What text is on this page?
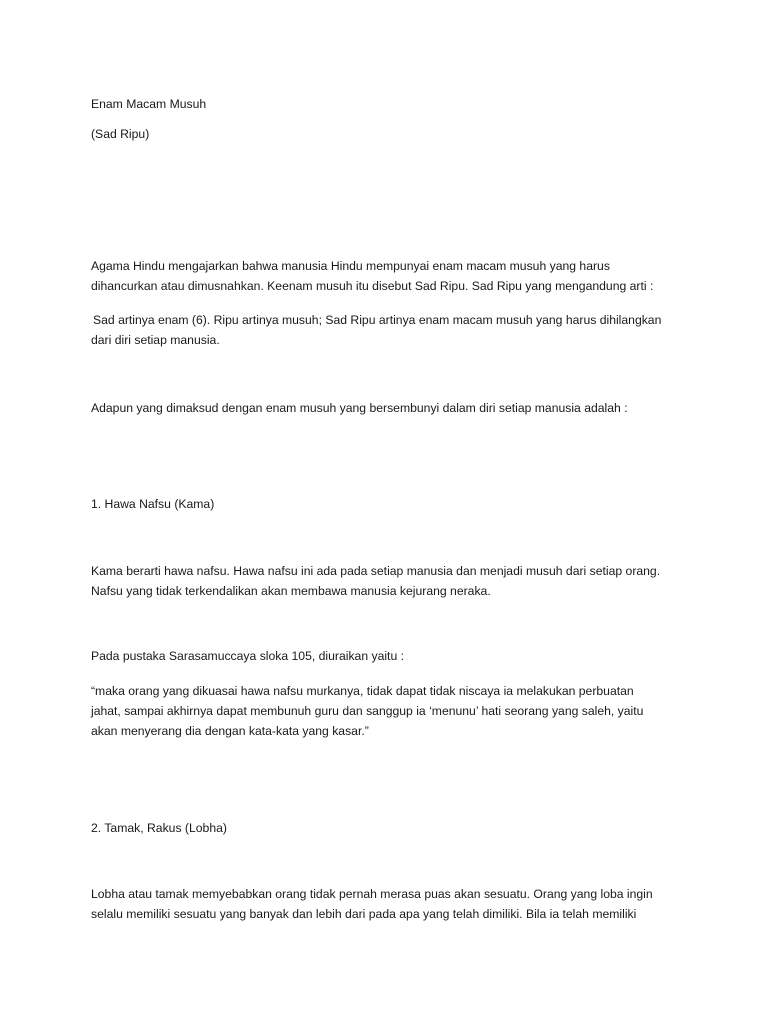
Enam Macam Musuh
(Sad Ripu)
Agama Hindu mengajarkan bahwa manusia Hindu mempunyai enam macam musuh yang harus
dihancurkan atau dimusnahkan. Keenam musuh itu disebut Sad Ripu. Sad Ripu yang mengandung arti :
Sad artinya enam (6). Ripu artinya musuh; Sad Ripu artinya enam macam musuh yang harus dihilangkan
dari diri setiap manusia.
Adapun yang dimaksud dengan enam musuh yang bersembunyi dalam diri setiap manusia adalah :
1. Hawa Nafsu (Kama)
Kama berarti hawa nafsu. Hawa nafsu ini ada pada setiap manusia dan menjadi musuh dari setiap orang.
Nafsu yang tidak terkendalikan akan membawa manusia kejurang neraka.
Pada pustaka Sarasamuccaya sloka 105, diuraikan yaitu :
“maka orang yang dikuasai hawa nafsu murkanya, tidak dapat tidak niscaya ia melakukan perbuatan
jahat, sampai akhirnya dapat membunuh guru dan sanggup ia ‘menunu’ hati seorang yang saleh, yaitu
akan menyerang dia dengan kata-kata yang kasar.”
2. Tamak, Rakus (Lobha)
Lobha atau tamak memyebabkan orang tidak pernah merasa puas akan sesuatu. Orang yang loba ingin
selalu memiliki sesuatu yang banyak dan lebih dari pada apa yang telah dimiliki. Bila ia telah memiliki
